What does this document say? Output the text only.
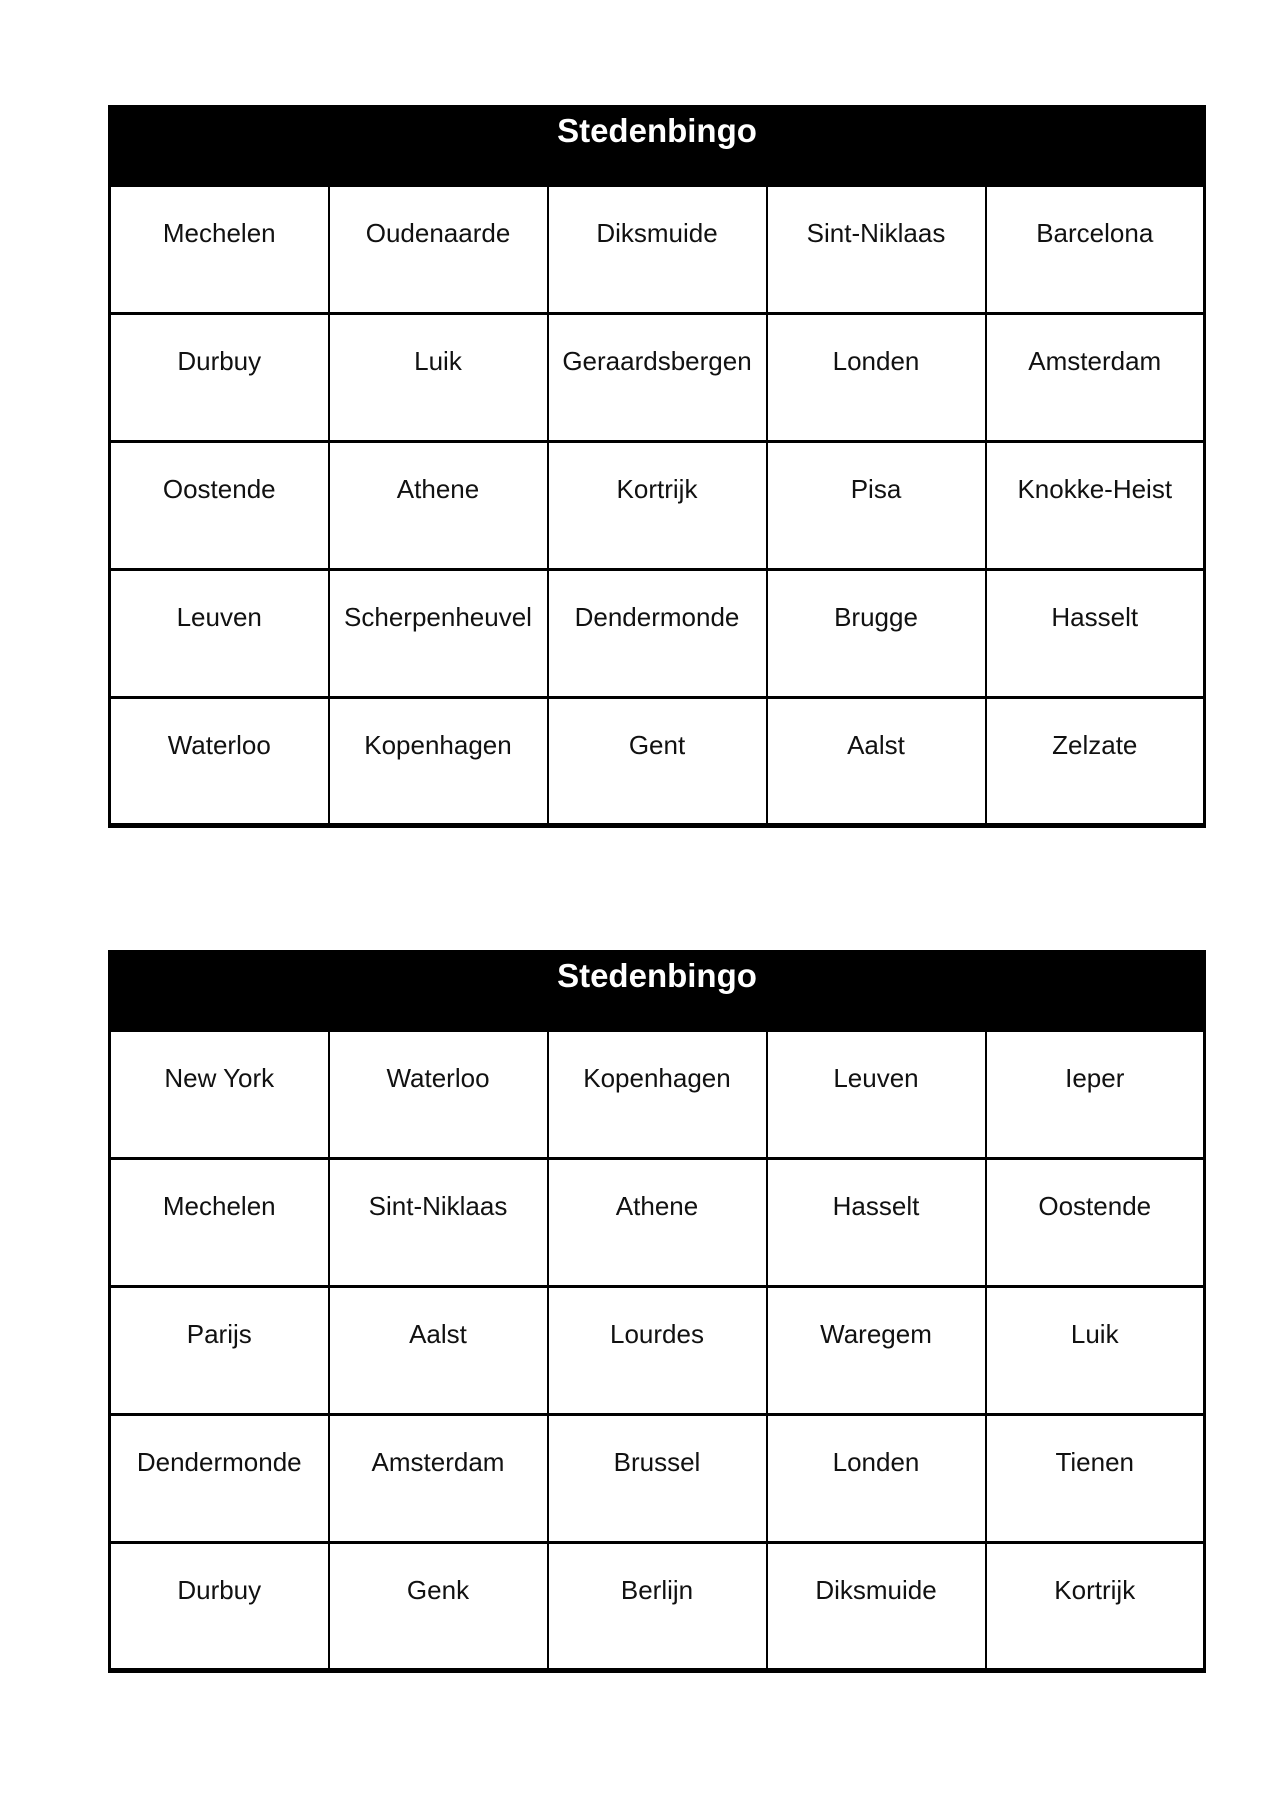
Stedenbingo				

Mechelen	Oudenaarde	Diksmuide	Sint-Niklaas	Barcelona
Durbuy	Luik	Geraardsbergen	Londen	Amsterdam
Oostende	Athene	Kortrijk	Pisa	Knokke-Heist
Leuven	Scherpenheuvel	Dendermonde	Brugge	Hasselt
Waterloo	Kopenhagen	Gent	Aalst	Zelzate
Stedenbingo				

New York	Waterloo	Kopenhagen	Leuven	Ieper
Mechelen	Sint-Niklaas	Athene	Hasselt	Oostende
Parijs	Aalst	Lourdes	Waregem	Luik
Dendermonde	Amsterdam	Brussel	Londen	Tienen
Durbuy	Genk	Berlijn	Diksmuide	Kortrijk
